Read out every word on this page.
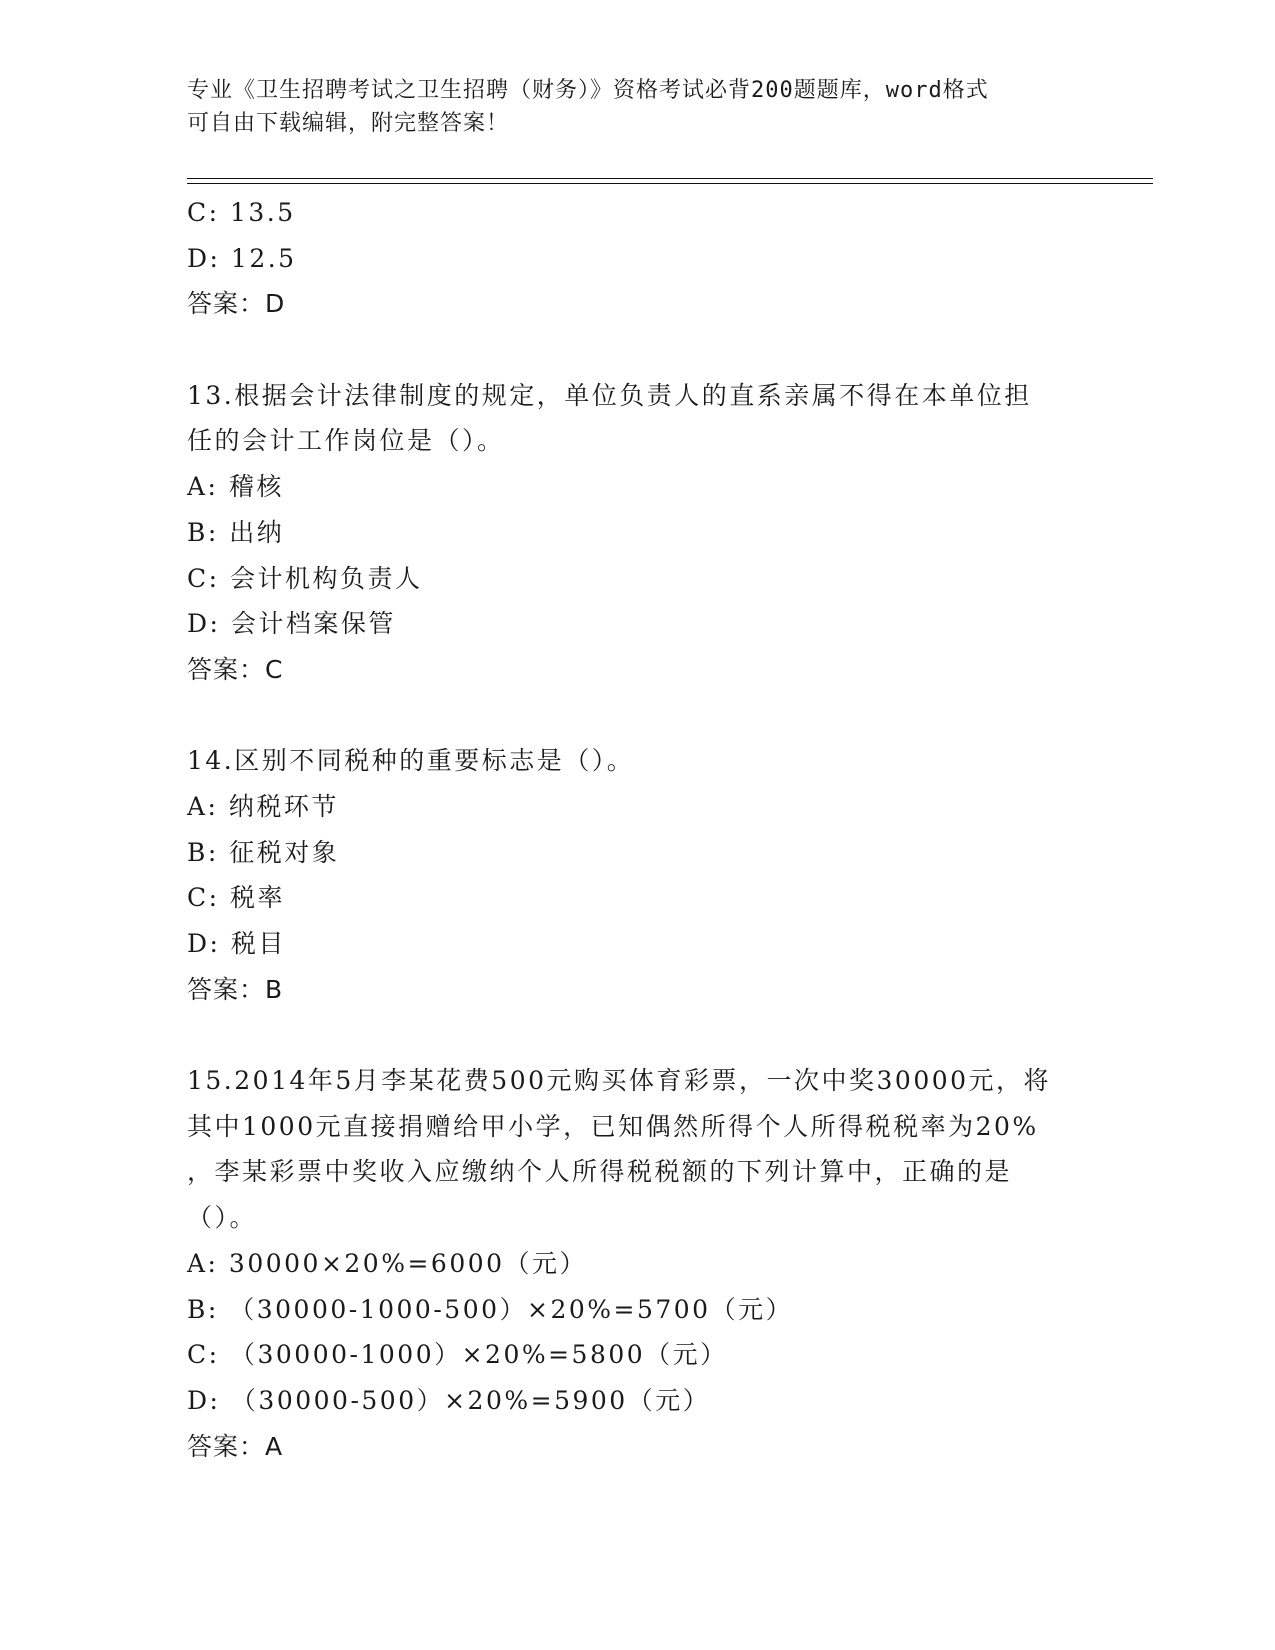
专业《卫生招聘考试之卫生招聘（财务）》资格考试必背200题题库，word格式
可自由下载编辑，附完整答案！
C: 13.5
D: 12.5
答案：D
13.根据会计法律制度的规定，单位负责人的直系亲属不得在本单位担
任的会计工作岗位是（）。
A: 稽核
B: 出纳
C: 会计机构负责人
D: 会计档案保管
答案：C
14.区别不同税种的重要标志是（）。
A: 纳税环节
B: 征税对象
C: 税率
D: 税目
答案：B
15.2014年5月李某花费500元购买体育彩票，一次中奖30000元，将
其中1000元直接捐赠给甲小学，已知偶然所得个人所得税税率为20%
，李某彩票中奖收入应缴纳个人所得税税额的下列计算中，正确的是
（）。
A: 30000×20%=6000（元）
B: （30000-1000-500）×20%=5700（元）
C: （30000-1000）×20%=5800（元）
D: （30000-500）×20%=5900（元）
答案：A
